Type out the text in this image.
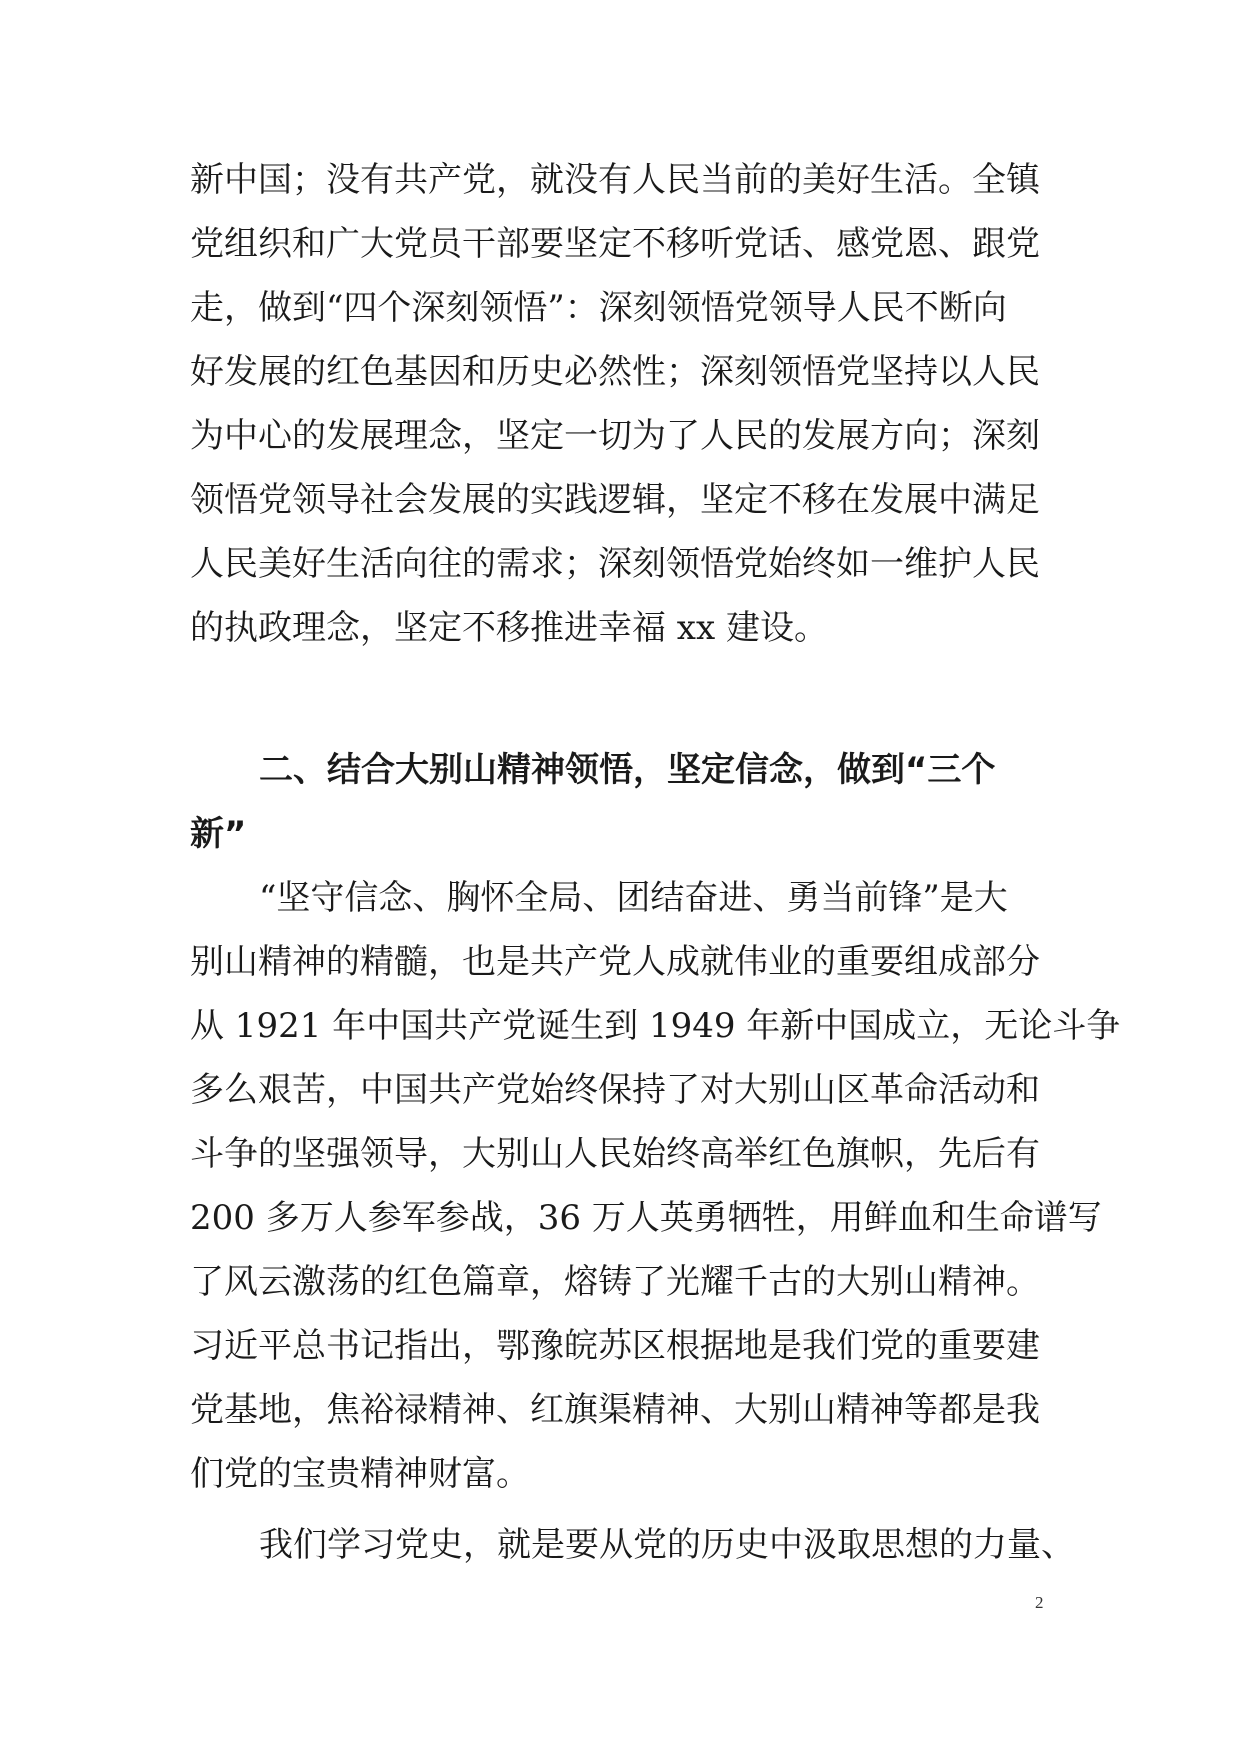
新中国；没有共产党，就没有人民当前的美好生活。全镇
党组织和广大党员干部要坚定不移听党话、感党恩、跟党
走，做到“四个深刻领悟”：深刻领悟党领导人民不断向
好发展的红色基因和历史必然性；深刻领悟党坚持以人民
为中心的发展理念，坚定一切为了人民的发展方向；深刻
领悟党领导社会发展的实践逻辑，坚定不移在发展中满足
人民美好生活向往的需求；深刻领悟党始终如一维护人民
的执政理念，坚定不移推进幸福 xx 建设。
二、结合大别山精神领悟，坚定信念，做到“三个
新”
“坚守信念、胸怀全局、团结奋进、勇当前锋”是大
别山精神的精髓，也是共产党人成就伟业的重要组成部分
从 1921 年中国共产党诞生到 1949 年新中国成立，无论斗争
多么艰苦，中国共产党始终保持了对大别山区革命活动和
斗争的坚强领导，大别山人民始终高举红色旗帜，先后有
200 多万人参军参战，36 万人英勇牺牲，用鲜血和生命谱写
了风云激荡的红色篇章，熔铸了光耀千古的大别山精神。
习近平总书记指出，鄂豫皖苏区根据地是我们党的重要建
党基地，焦裕禄精神、红旗渠精神、大别山精神等都是我
们党的宝贵精神财富。
我们学习党史，就是要从党的历史中汲取思想的力量、
2
